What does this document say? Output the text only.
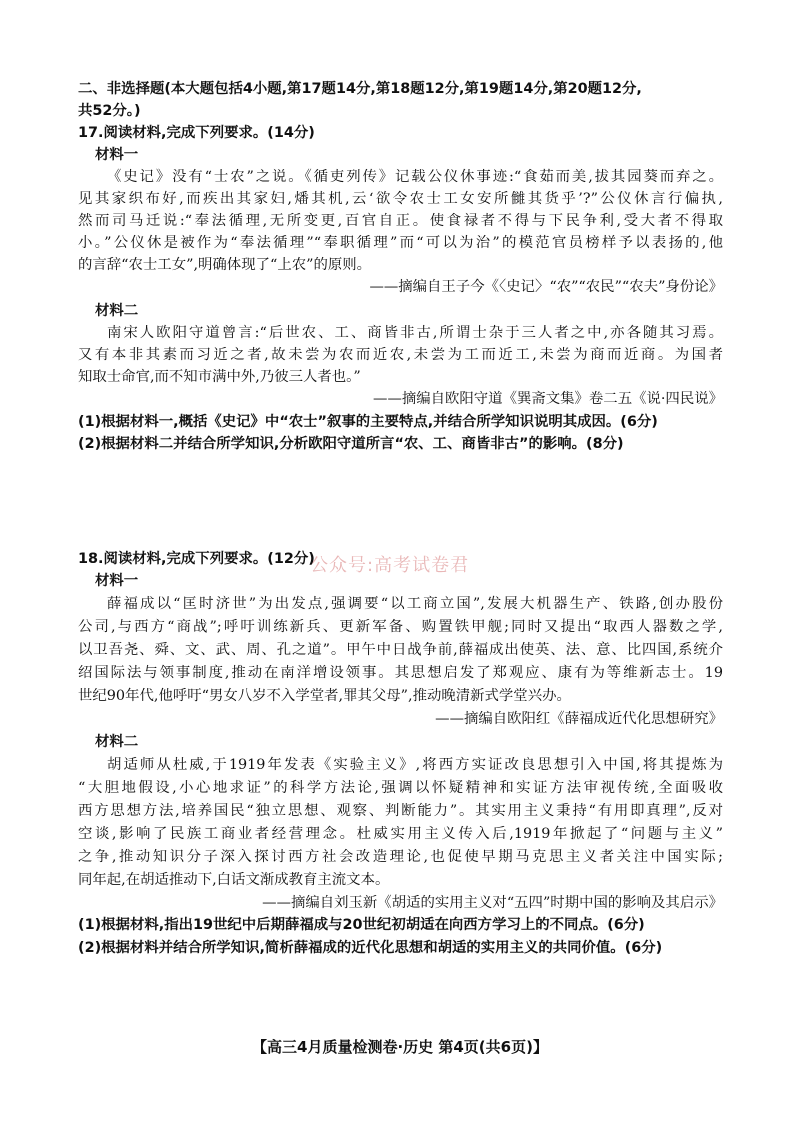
二、非选择题(本大题包括4小题,第17题14分,第18题12分,第19题14分,第20题12分,
共52分。)
17.阅读材料,完成下列要求。(14分)
材料一
《史记》没有“士农”之说。《循吏列传》记载公仪休事迹:“食茹而美,拔其园葵而弃之。
见其家织布好,而疾出其家妇,燔其机,云‘欲令农士工女安所雠其货乎’?”公仪休言行偏执,
然而司马迁说:“奉法循理,无所变更,百官自正。使食禄者不得与下民争利,受大者不得取
小。”公仪休是被作为“奉法循理”“奉职循理”而“可以为治”的模范官员榜样予以表扬的,他
的言辞“农士工女”,明确体现了“上农”的原则。
——摘编自王子今《〈史记〉“农”“农民”“农夫”身份论》
材料二
南宋人欧阳守道曾言:“后世农、工、商皆非古,所谓士杂于三人者之中,亦各随其习焉。
又有本非其素而习近之者,故未尝为农而近农,未尝为工而近工,未尝为商而近商。为国者
知取士命官,而不知市满中外,乃彼三人者也。”
——摘编自欧阳守道《巽斋文集》卷二五《说·四民说》
(1)根据材料一,概括《史记》中“农士”叙事的主要特点,并结合所学知识说明其成因。(6分)
(2)根据材料二并结合所学知识,分析欧阳守道所言“农、工、商皆非古”的影响。(8分)
公众号:高考试卷君
18.阅读材料,完成下列要求。(12分)
材料一
薛福成以“匡时济世”为出发点,强调要“以工商立国”,发展大机器生产、铁路,创办股份
公司,与西方“商战”;呼吁训练新兵、更新军备、购置铁甲舰;同时又提出“取西人器数之学,
以卫吾尧、舜、文、武、周、孔之道”。甲午中日战争前,薛福成出使英、法、意、比四国,系统介
绍国际法与领事制度,推动在南洋增设领事。其思想启发了郑观应、康有为等维新志士。19
世纪90年代,他呼吁“男女八岁不入学堂者,罪其父母”,推动晚清新式学堂兴办。
——摘编自欧阳红《薛福成近代化思想研究》
材料二
胡适师从杜威,于1919年发表《实验主义》,将西方实证改良思想引入中国,将其提炼为
“大胆地假设,小心地求证”的科学方法论,强调以怀疑精神和实证方法审视传统,全面吸收
西方思想方法,培养国民“独立思想、观察、判断能力”。其实用主义秉持“有用即真理”,反对
空谈,影响了民族工商业者经营理念。杜威实用主义传入后,1919年掀起了“问题与主义”
之争,推动知识分子深入探讨西方社会改造理论,也促使早期马克思主义者关注中国实际;
同年起,在胡适推动下,白话文渐成教育主流文本。
——摘编自刘玉新《胡适的实用主义对“五四”时期中国的影响及其启示》
(1)根据材料,指出19世纪中后期薛福成与20世纪初胡适在向西方学习上的不同点。(6分)
(2)根据材料并结合所学知识,简析薛福成的近代化思想和胡适的实用主义的共同价值。(6分)
【高三4月质量检测卷·历史 第4页(共6页)】
